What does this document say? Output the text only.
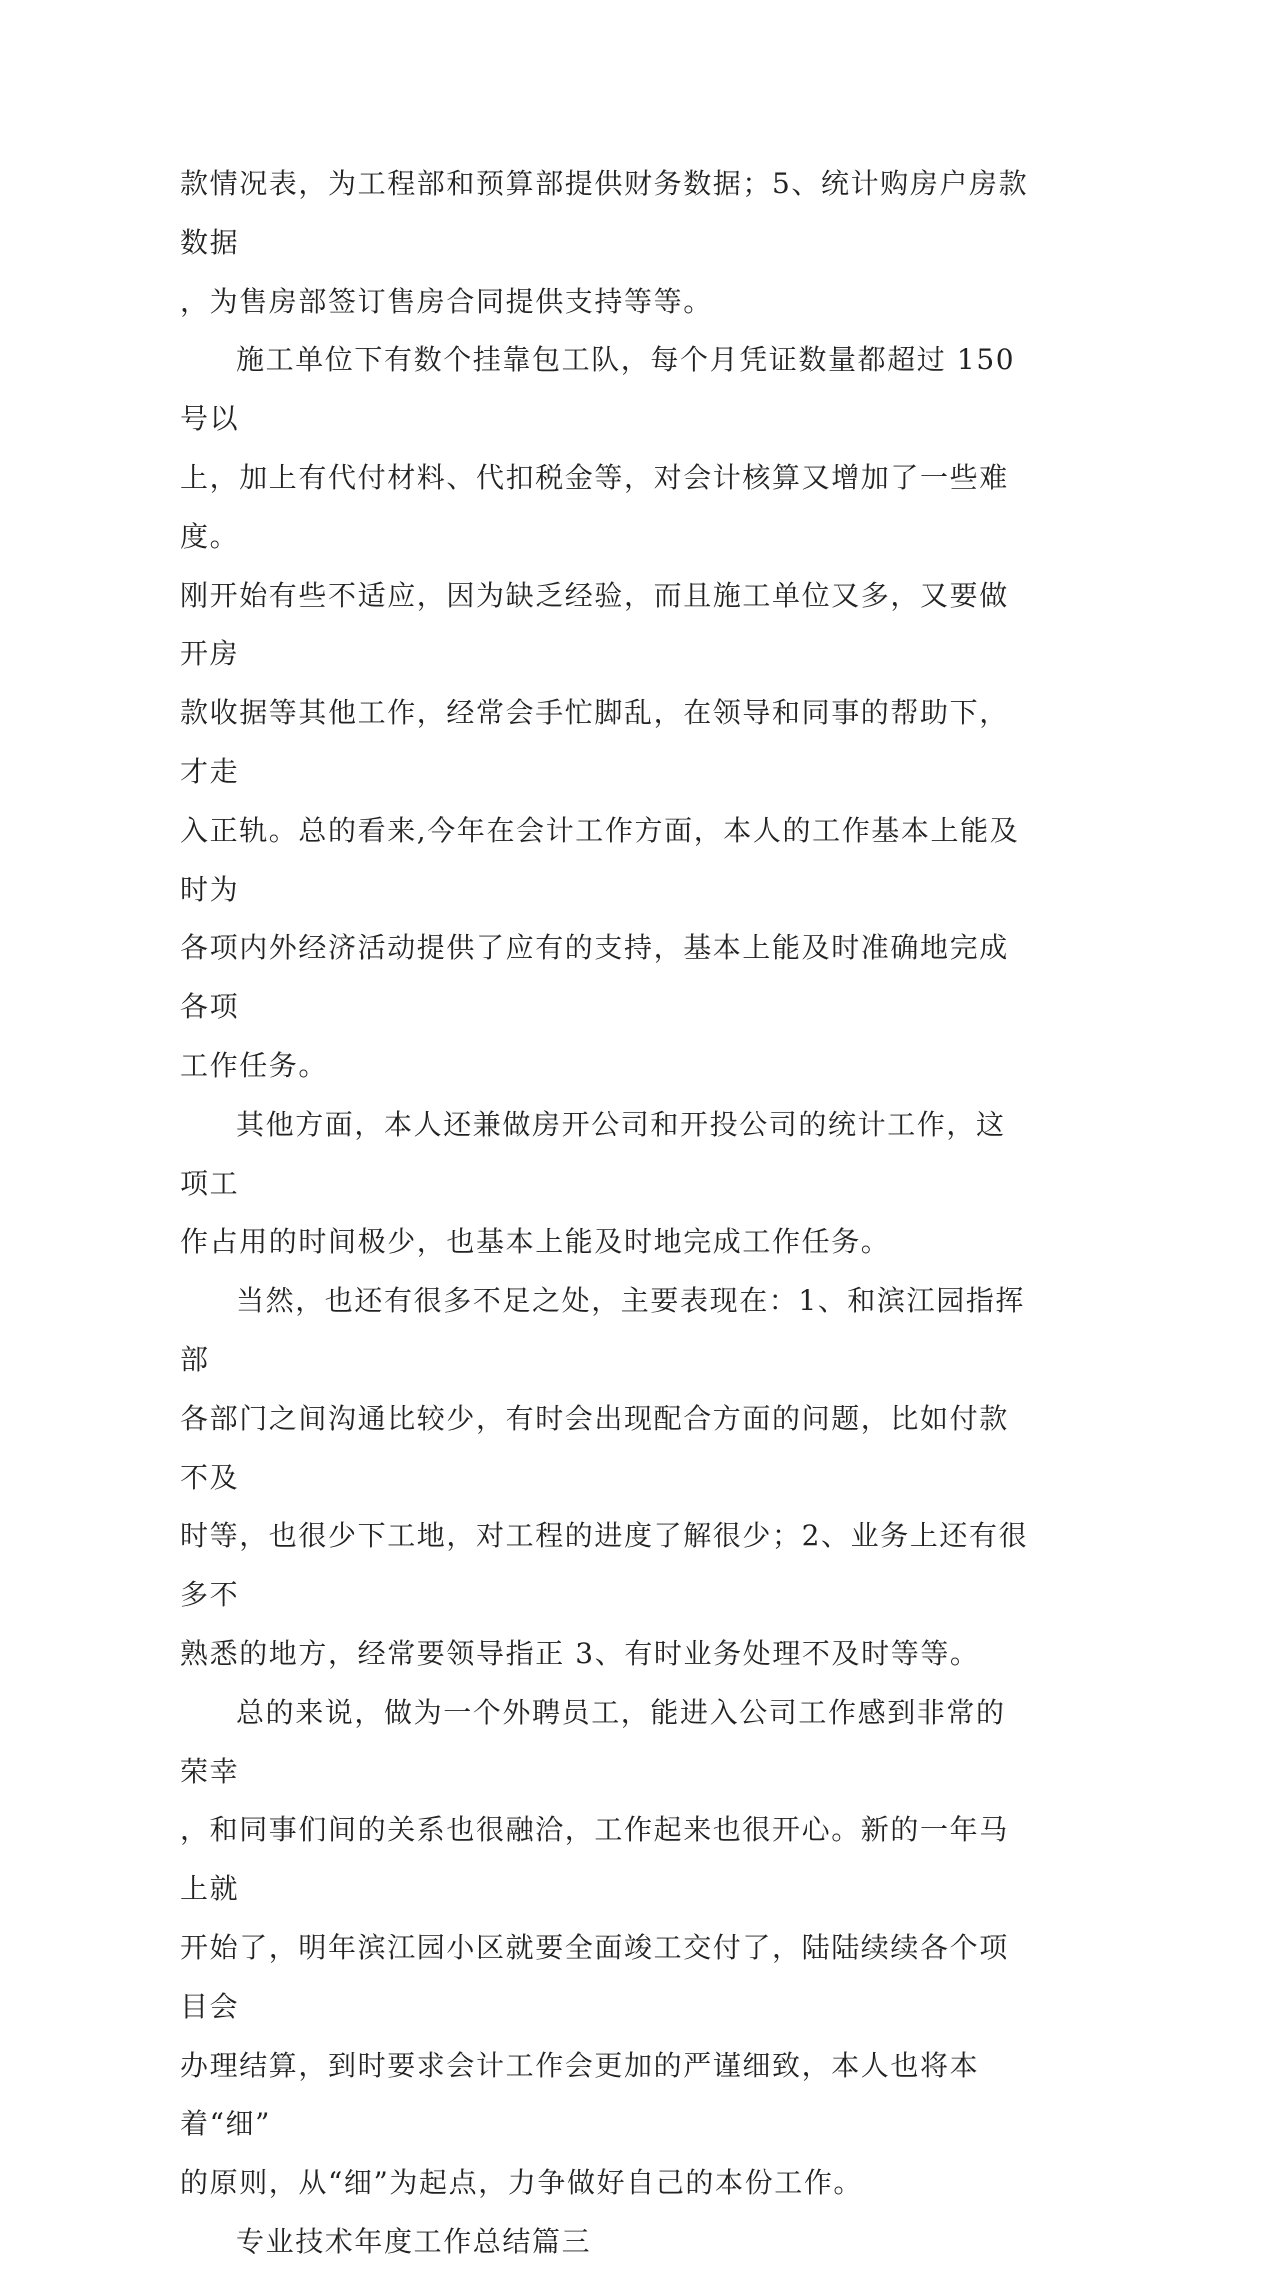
款情况表，为工程部和预算部提供财务数据；5、统计购房户房款数据
，为售房部签订售房合同提供支持等等。

施工单位下有数个挂靠包工队，每个月凭证数量都超过 150 号以
上，加上有代付材料、代扣税金等，对会计核算又增加了一些难度。
刚开始有些不适应，因为缺乏经验，而且施工单位又多，又要做开房
款收据等其他工作，经常会手忙脚乱，在领导和同事的帮助下，才走
入正轨。总的看来,今年在会计工作方面，本人的工作基本上能及时为
各项内外经济活动提供了应有的支持，基本上能及时准确地完成各项
工作任务。

其他方面，本人还兼做房开公司和开投公司的统计工作，这项工
作占用的时间极少，也基本上能及时地完成工作任务。

当然，也还有很多不足之处，主要表现在：1、和滨江园指挥部
各部门之间沟通比较少，有时会出现配合方面的问题，比如付款不及
时等，也很少下工地，对工程的进度了解很少；2、业务上还有很多不
熟悉的地方，经常要领导指正 3、有时业务处理不及时等等。

总的来说，做为一个外聘员工，能进入公司工作感到非常的荣幸
，和同事们间的关系也很融洽，工作起来也很开心。新的一年马上就
开始了，明年滨江园小区就要全面竣工交付了，陆陆续续各个项目会
办理结算，到时要求会计工作会更加的严谨细致，本人也将本着“细”
的原则，从“细”为起点，力争做好自己的本份工作。

专业技术年度工作总结篇三
